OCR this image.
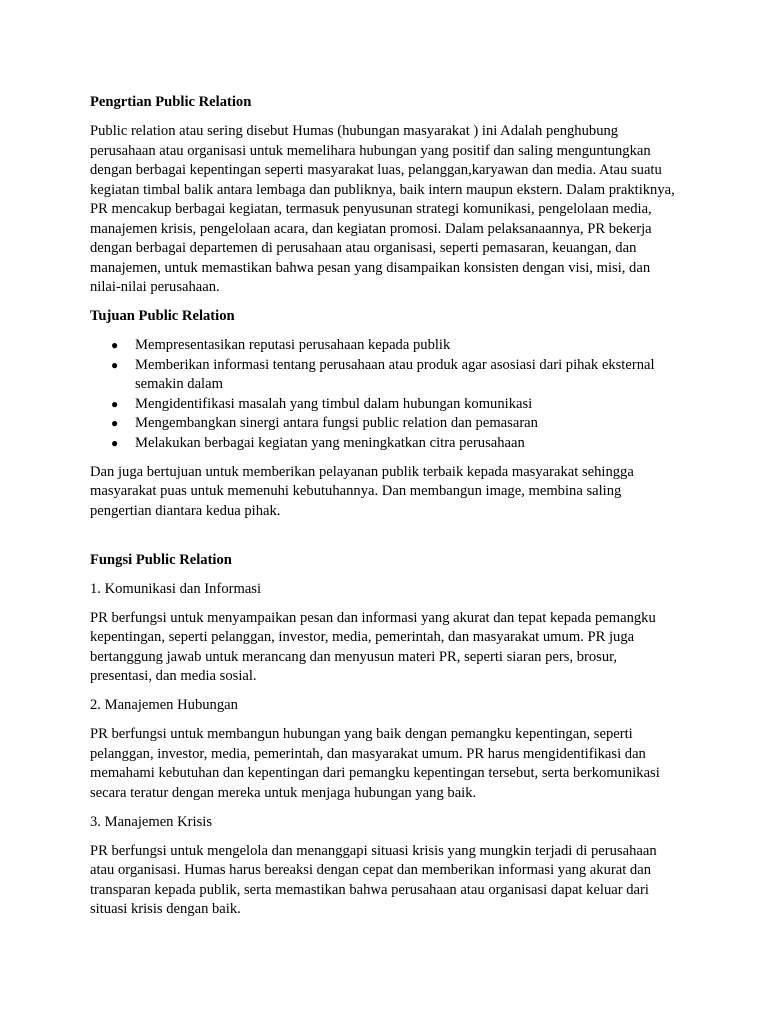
Pengrtian Public Relation

Public relation atau sering disebut Humas (hubungan masyarakat ) ini Adalah penghubung perusahaan atau organisasi untuk memelihara hubungan yang positif dan saling menguntungkan dengan berbagai kepentingan seperti masyarakat luas, pelanggan,karyawan dan media. Atau suatu kegiatan timbal balik antara lembaga dan publiknya, baik intern maupun ekstern. Dalam praktiknya, PR mencakup berbagai kegiatan, termasuk penyusunan strategi komunikasi, pengelolaan media, manajemen krisis, pengelolaan acara, dan kegiatan promosi. Dalam pelaksanaannya, PR bekerja dengan berbagai departemen di perusahaan atau organisasi, seperti pemasaran, keuangan, dan manajemen, untuk memastikan bahwa pesan yang disampaikan konsisten dengan visi, misi, dan nilai-nilai perusahaan.

Tujuan Public Relation
● Mempresentasikan reputasi perusahaan kepada publik
● Memberikan informasi tentang perusahaan atau produk agar asosiasi dari pihak eksternal semakin dalam
● Mengidentifikasi masalah yang timbul dalam hubungan komunikasi
● Mengembangkan sinergi antara fungsi public relation dan pemasaran
● Melakukan berbagai kegiatan yang meningkatkan citra perusahaan

Dan juga bertujuan untuk memberikan pelayanan publik terbaik kepada masyarakat sehingga masyarakat puas untuk memenuhi kebutuhannya. Dan membangun image, membina saling pengertian diantara kedua pihak.

Fungsi Public Relation

1. Komunikasi dan Informasi

PR berfungsi untuk menyampaikan pesan dan informasi yang akurat dan tepat kepada pemangku kepentingan, seperti pelanggan, investor, media, pemerintah, dan masyarakat umum. PR juga bertanggung jawab untuk merancang dan menyusun materi PR, seperti siaran pers, brosur, presentasi, dan media sosial.

2. Manajemen Hubungan

PR berfungsi untuk membangun hubungan yang baik dengan pemangku kepentingan, seperti pelanggan, investor, media, pemerintah, dan masyarakat umum. PR harus mengidentifikasi dan memahami kebutuhan dan kepentingan dari pemangku kepentingan tersebut, serta berkomunikasi secara teratur dengan mereka untuk menjaga hubungan yang baik.

3. Manajemen Krisis

PR berfungsi untuk mengelola dan menanggapi situasi krisis yang mungkin terjadi di perusahaan atau organisasi. Humas harus bereaksi dengan cepat dan memberikan informasi yang akurat dan transparan kepada publik, serta memastikan bahwa perusahaan atau organisasi dapat keluar dari situasi krisis dengan baik.
